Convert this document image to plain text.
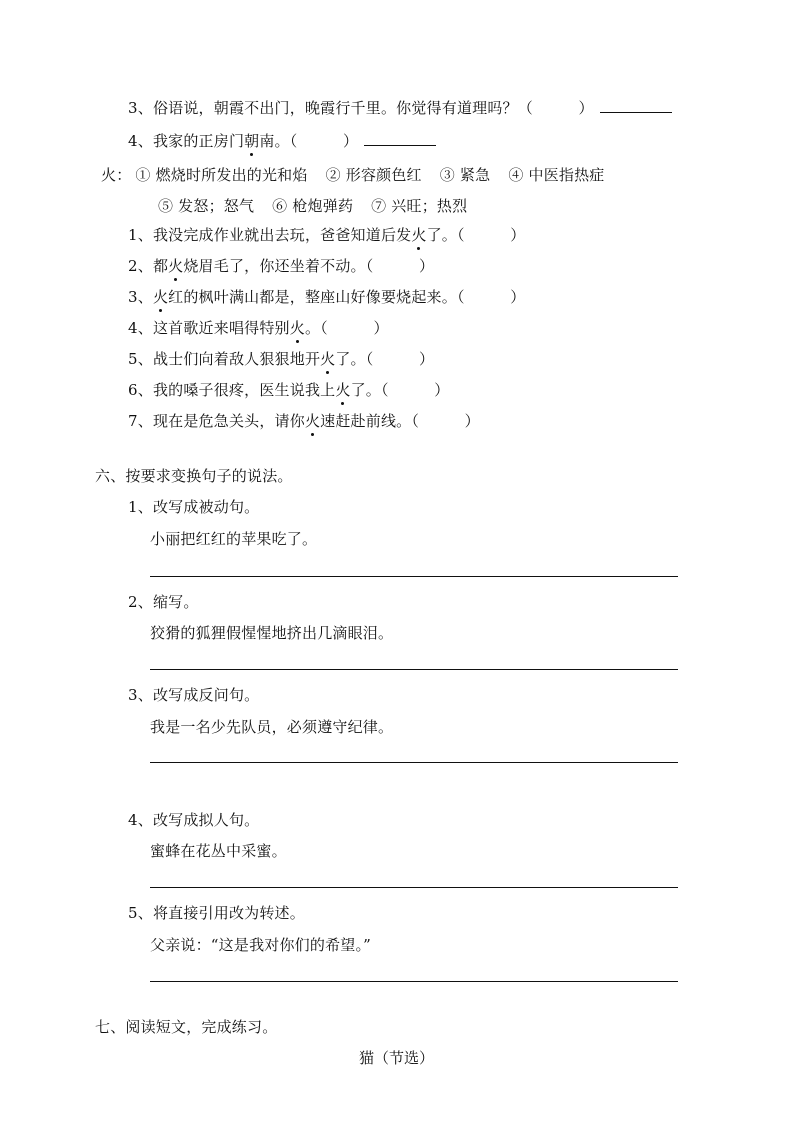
3、俗语说，朝霞不出门，晚霞行千里。你觉得有道理吗？（　　　）
4、我家的正房门朝南。（　　　）
火： ① 燃烧时所发出的光和焰 ② 形容颜色红 ③ 紧急 ④ 中医指热症
⑤ 发怒；怒气 ⑥ 枪炮弹药 ⑦ 兴旺；热烈
1、我没完成作业就出去玩，爸爸知道后发火了。（　　　）
2、都火烧眉毛了，你还坐着不动。（　　　）
3、火红的枫叶满山都是，整座山好像要烧起来。（　　　）
4、这首歌近来唱得特别火。（　　　）
5、战士们向着敌人狠狠地开火了。（　　　）
6、我的嗓子很疼，医生说我上火了。（　　　）
7、现在是危急关头，请你火速赶赴前线。（　　　）
六、按要求变换句子的说法。
1、改写成被动句。
小丽把红红的苹果吃了。
2、缩写。
狡猾的狐狸假惺惺地挤出几滴眼泪。
3、改写成反问句。
我是一名少先队员，必须遵守纪律。
4、改写成拟人句。
蜜蜂在花丛中采蜜。
5、将直接引用改为转述。
父亲说：“这是我对你们的希望。”
七、阅读短文，完成练习。
猫（节选）
